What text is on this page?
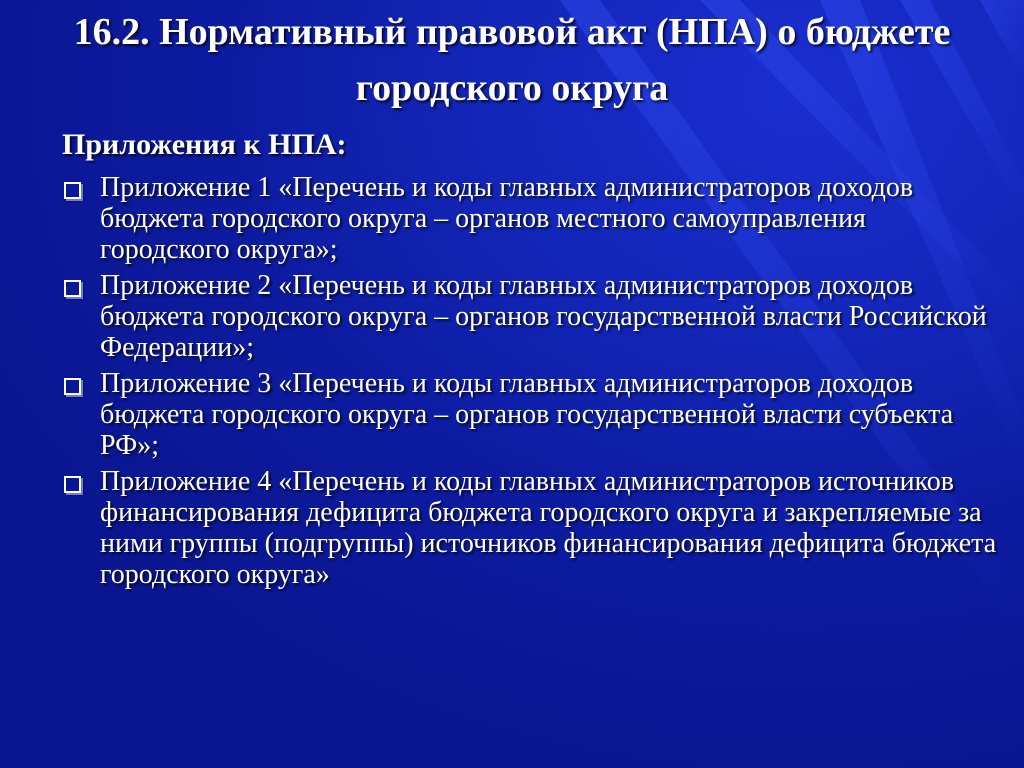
16.2. Нормативный правовой акт (НПА) о бюджете городского округа
Приложения к НПА:
Приложение 1 «Перечень и коды главных администраторов доходов бюджета городского округа – органов местного самоуправления городского округа»;
Приложение 2 «Перечень и коды главных администраторов доходов бюджета городского округа – органов государственной власти Российской Федерации»;
Приложение 3 «Перечень и коды главных администраторов доходов бюджета городского округа – органов государственной власти субъекта РФ»;
Приложение 4 «Перечень и коды главных администраторов источников финансирования дефицита бюджета городского округа и закрепляемые за ними группы (подгруппы) источников финансирования дефицита бюджета городского округа»
